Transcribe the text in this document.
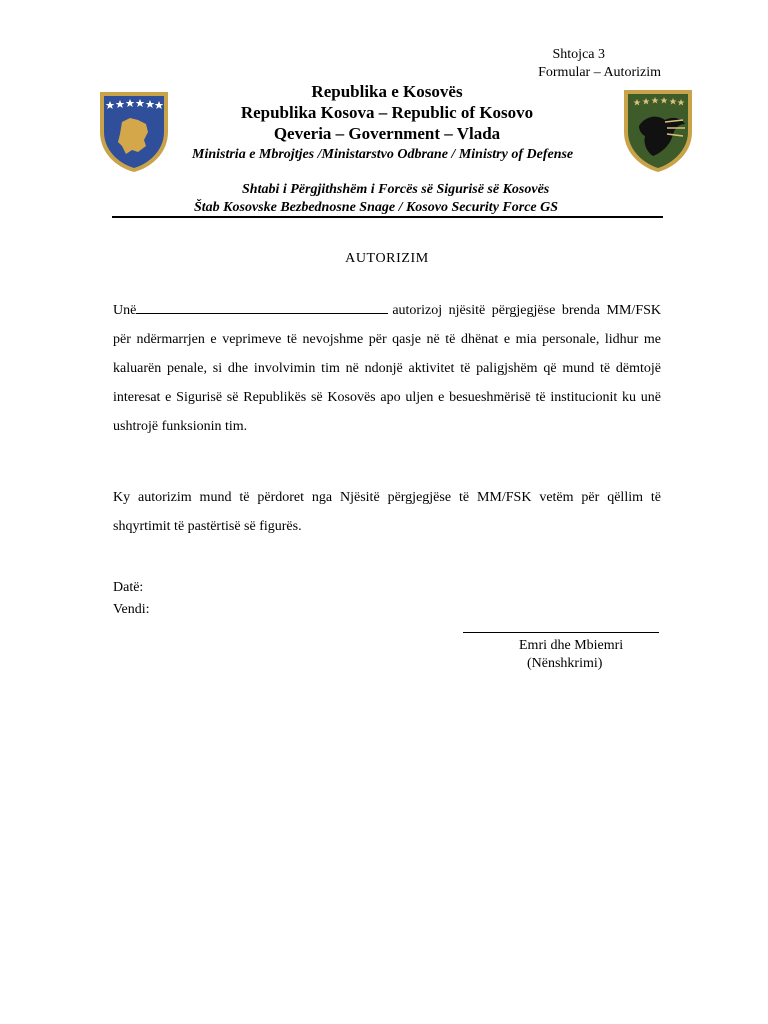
Shtojca 3
Formular – Autorizim
Republika e Kosovës
Republika Kosova – Republic of Kosovo
Qeveria – Government – Vlada
Ministria e Mbrojtjes /Ministarstvo Odbrane / Ministry of Defense
Shtabi i Përgjithshëm i Forcës së Sigurisë së Kosovës
Štab Kosovske Bezbednosne Snage / Kosovo Security Force GS
AUTORIZIM
Unë	autorizoj njësitë përgjegjëse brenda MM/FSK për ndërmarrjen e veprimeve të nevojshme për qasje në të dhënat e mia personale, lidhur me kaluarën penale, si dhe involvimin tim në ndonjë aktivitet të paligjshëm që mund të dëmtojë interesat e Sigurisë së Republikës së Kosovës apo uljen e besueshmërisë të institucionit ku unë ushtrojë funksionin tim.
Ky autorizim mund të përdoret nga Njësitë përgjegjëse të MM/FSK vetëm për qëllim të shqyrtimit të pastërtisë së figurës.
Datë:
Vendi:
Emri dhe Mbiemri
(Nënshkrimi)
